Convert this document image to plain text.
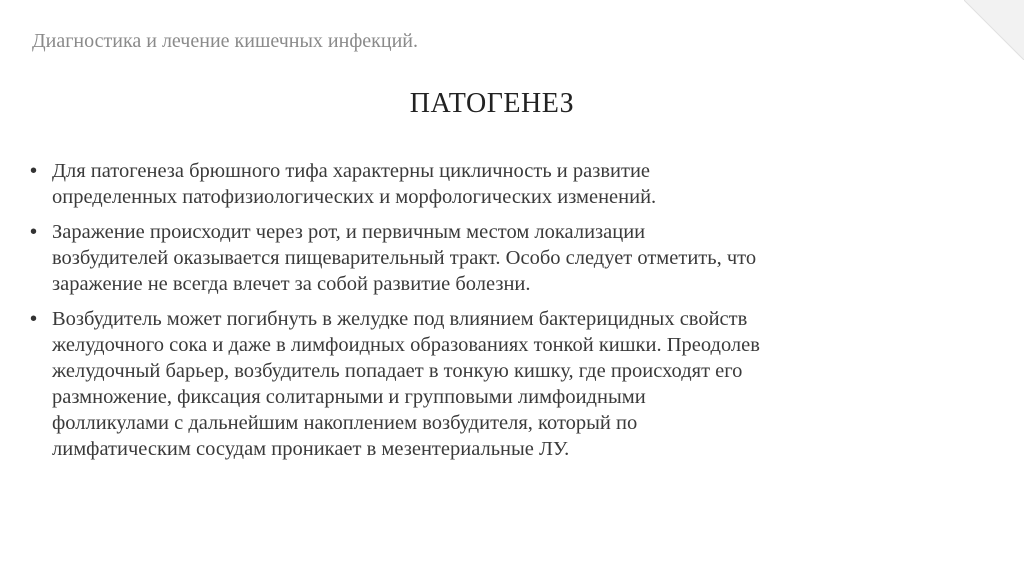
Диагностика и лечение кишечных инфекций.
ПАТОГЕНЕЗ
• Для патогенеза брюшного тифа характерны цикличность и развитие
определенных патофизиологических и морфологических изменений.
• Заражение происходит через рот, и первичным местом локализации
возбудителей оказывается пищеварительный тракт. Особо следует отметить, что
заражение не всегда влечет за собой развитие болезни.
• Возбудитель может погибнуть в желудке под влиянием бактерицидных свойств
желудочного сока и даже в лимфоидных образованиях тонкой кишки. Преодолев
желудочный барьер, возбудитель попадает в тонкую кишку, где происходят его
размножение, фиксация солитарными и групповыми лимфоидными
фолликулами с дальнейшим накоплением возбудителя, который по
лимфатическим сосудам проникает в мезентериальные ЛУ.
